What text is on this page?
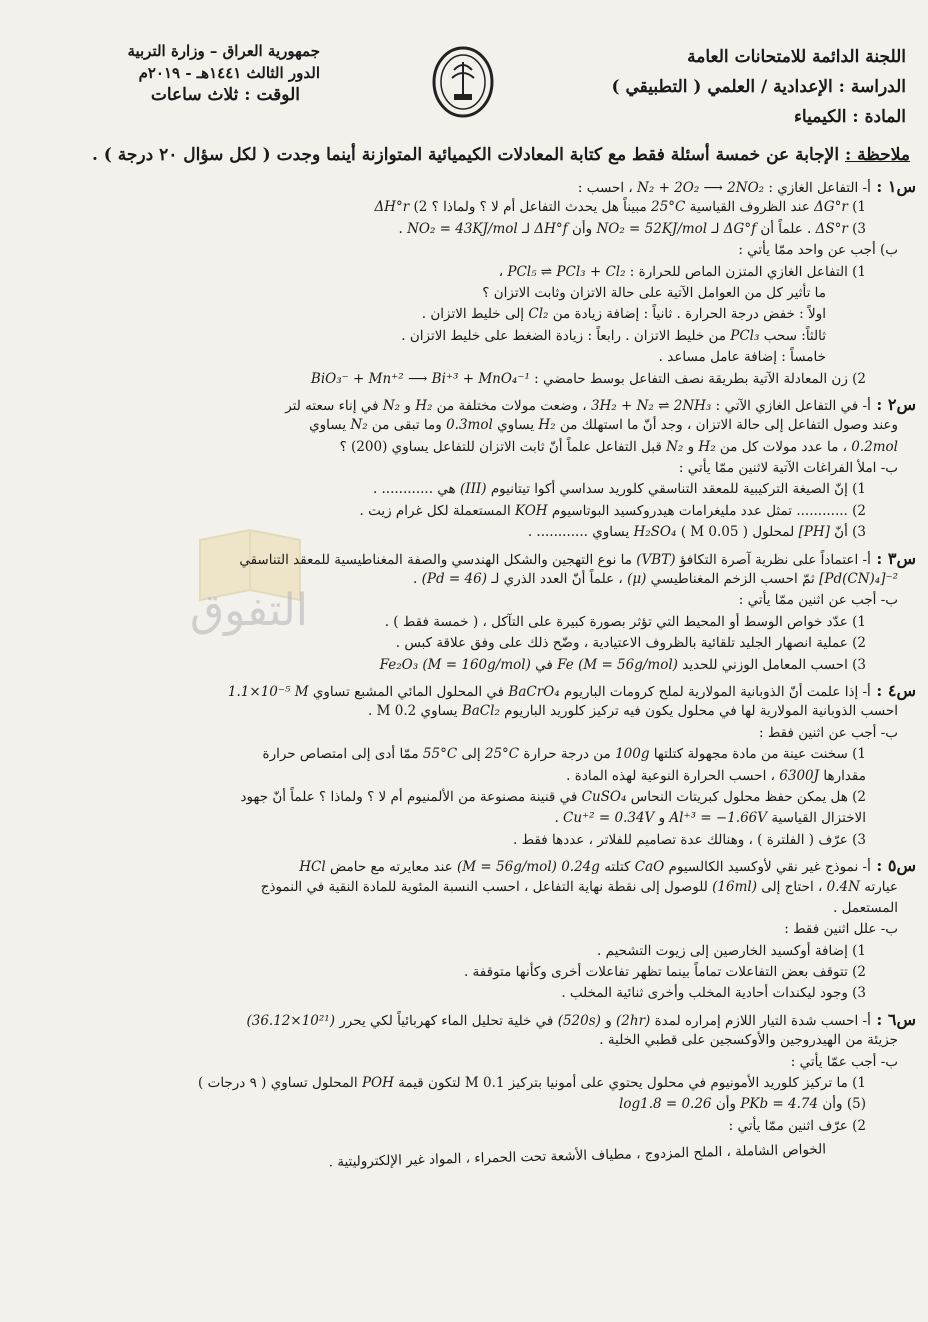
اللجنة الدائمة للامتحانات العامة
الدراسة : الإعدادية / العلمي ( التطبيقي )
المادة : الكيمياء
جمهورية العراق – وزارة التربية
الدور الثالث ١٤٤١هـ - ٢٠١٩م
الوقت : ثلاث ساعات
ملاحظة : الإجابة عن خمسة أسئلة فقط مع كتابة المعادلات الكيميائية المتوازنة أينما وجدت ( لكل سؤال ٢٠ درجة ) .
التفوق
س١ : أ- التفاعل الغازي : N₂ + 2O₂ ⟶ 2NO₂ ، احسب :
1) ΔG°r عند الظروف القياسية 25°C مبيناً هل يحدث التفاعل أم لا ؟ ولماذا ؟ 2) ΔH°r
3) ΔS°r . علماً أن ΔG°f لـ NO₂ = 52KJ/mol وأن ΔH°f لـ NO₂ = 43KJ/mol .
ب) أجب عن واحد ممّا يأتي :
1) التفاعل الغازي المتزن الماص للحرارة : PCl₅ ⇌ PCl₃ + Cl₂ ،
ما تأثير كل من العوامل الآتية على حالة الاتزان وثابت الاتزان ؟
اولاً : خفض درجة الحرارة . ثانياً : إضافة زيادة من Cl₂ إلى خليط الاتزان .
ثالثاً: سحب PCl₃ من خليط الاتزان . رابعاً : زيادة الضغط على خليط الاتزان .
خامساً : إضافة عامل مساعد .
2) زن المعادلة الآتية بطريقة نصف التفاعل بوسط حامضي : BiO₃⁻ + Mn⁺² ⟶ Bi⁺³ + MnO₄⁻¹
س٢ : أ- في التفاعل الغازي الآتي : 3H₂ + N₂ ⇌ 2NH₃ ، وضعت مولات مختلفة من H₂ و N₂ في إناء سعته لتر
وعند وصول التفاعل إلى حالة الاتزان ، وجد أنّ ما استهلك من H₂ يساوي 0.3mol وما تبقى من N₂ يساوي
0.2mol ، ما عدد مولات كل من H₂ و N₂ قبل التفاعل علماً أنّ ثابت الاتزان للتفاعل يساوي (200) ؟
ب- املأ الفراغات الآتية لاثنين ممّا يأتي :
1) إنّ الصيغة التركيبية للمعقد التناسقي كلوريد سداسي أكوا تيتانيوم (III) هي ............ .
2) ............ تمثل عدد مليغرامات هيدروكسيد البوتاسيوم KOH المستعملة لكل غرام زيت .
3) أنّ [PH] لمحلول ( 0.05 M ) H₂SO₄ يساوي ............ .
س٣ : أ- اعتماداً على نظرية آصرة التكافؤ (VBT) ما نوع التهجين والشكل الهندسي والصفة المغناطيسية للمعقد التناسقي
[Pd(CN)₄]⁻² ثمّ احسب الزخم المغناطيسي (μ) ، علماً أنّ العدد الذري لـ (Pd = 46) .
ب- أجب عن اثنين ممّا يأتي :
1) عدّد خواص الوسط أو المحيط التي تؤثر بصورة كبيرة على التآكل ، ( خمسة فقط ) .
2) عملية انصهار الجليد تلقائية بالظروف الاعتيادية ، وضّح ذلك على وفق علاقة كبس .
3) احسب المعامل الوزني للحديد Fe (M = 56g/mol) في Fe₂O₃ (M = 160g/mol)
س٤ : أ- إذا علمت أنّ الذوبانية المولارية لملح كرومات الباريوم BaCrO₄ في المحلول المائي المشبع تساوي 1.1×10⁻⁵ M
احسب الذوبانية المولارية لها في محلول يكون فيه تركيز كلوريد الباريوم BaCl₂ يساوي 0.2 M .
ب- أجب عن اثنين فقط :
1) سخنت عينة من مادة مجهولة كتلتها 100g من درجة حرارة 25°C إلى 55°C ممّا أدى إلى امتصاص حرارة
مقدارها 6300J ، احسب الحرارة النوعية لهذه المادة .
2) هل يمكن حفظ محلول كبريتات النحاس CuSO₄ في قنينة مصنوعة من الألمنيوم أم لا ؟ ولماذا ؟ علماً أنّ جهود
الاختزال القياسية Al⁺³ = −1.66V و Cu⁺² = 0.34V .
3) عرّف ( الفلترة ) ، وهنالك عدة تصاميم للفلاتر ، عددها فقط .
س٥ : أ- نموذج غير نقي لأوكسيد الكالسيوم CaO كتلته 0.24g (M = 56g/mol) عند معايرته مع حامض HCl
عيارته 0.4N ، احتاج إلى (16ml) للوصول إلى نقطة نهاية التفاعل ، احسب النسبة المئوية للمادة النقية في النموذج
المستعمل .
ب- علل اثنين فقط :
1) إضافة أوكسيد الخارصين إلى زيوت التشحيم .
2) تتوقف بعض التفاعلات تماماً بينما تظهر تفاعلات أخرى وكأنها متوقفة .
3) وجود ليكندات أحادية المخلب وأخرى ثنائية المخلب .
س٦ : أ- احسب شدة التيار اللازم إمراره لمدة (2hr) و (520s) في خلية تحليل الماء كهربائياً لكي يحرر (36.12×10²¹)
جزيئة من الهيدروجين والأوكسجين على قطبي الخلية .
ب- أجب عمّا يأتي :
1) ما تركيز كلوريد الأمونيوم في محلول يحتوي على أمونيا بتركيز 0.1 M لتكون قيمة POH المحلول تساوي ( ٩ درجات )
(5) وأن PKb = 4.74 وأن log1.8 = 0.26
2) عرّف اثنين ممّا يأتي :
الخواص الشاملة ، الملح المزدوج ، مطياف الأشعة تحت الحمراء ، المواد غير الإلكتروليتية .
